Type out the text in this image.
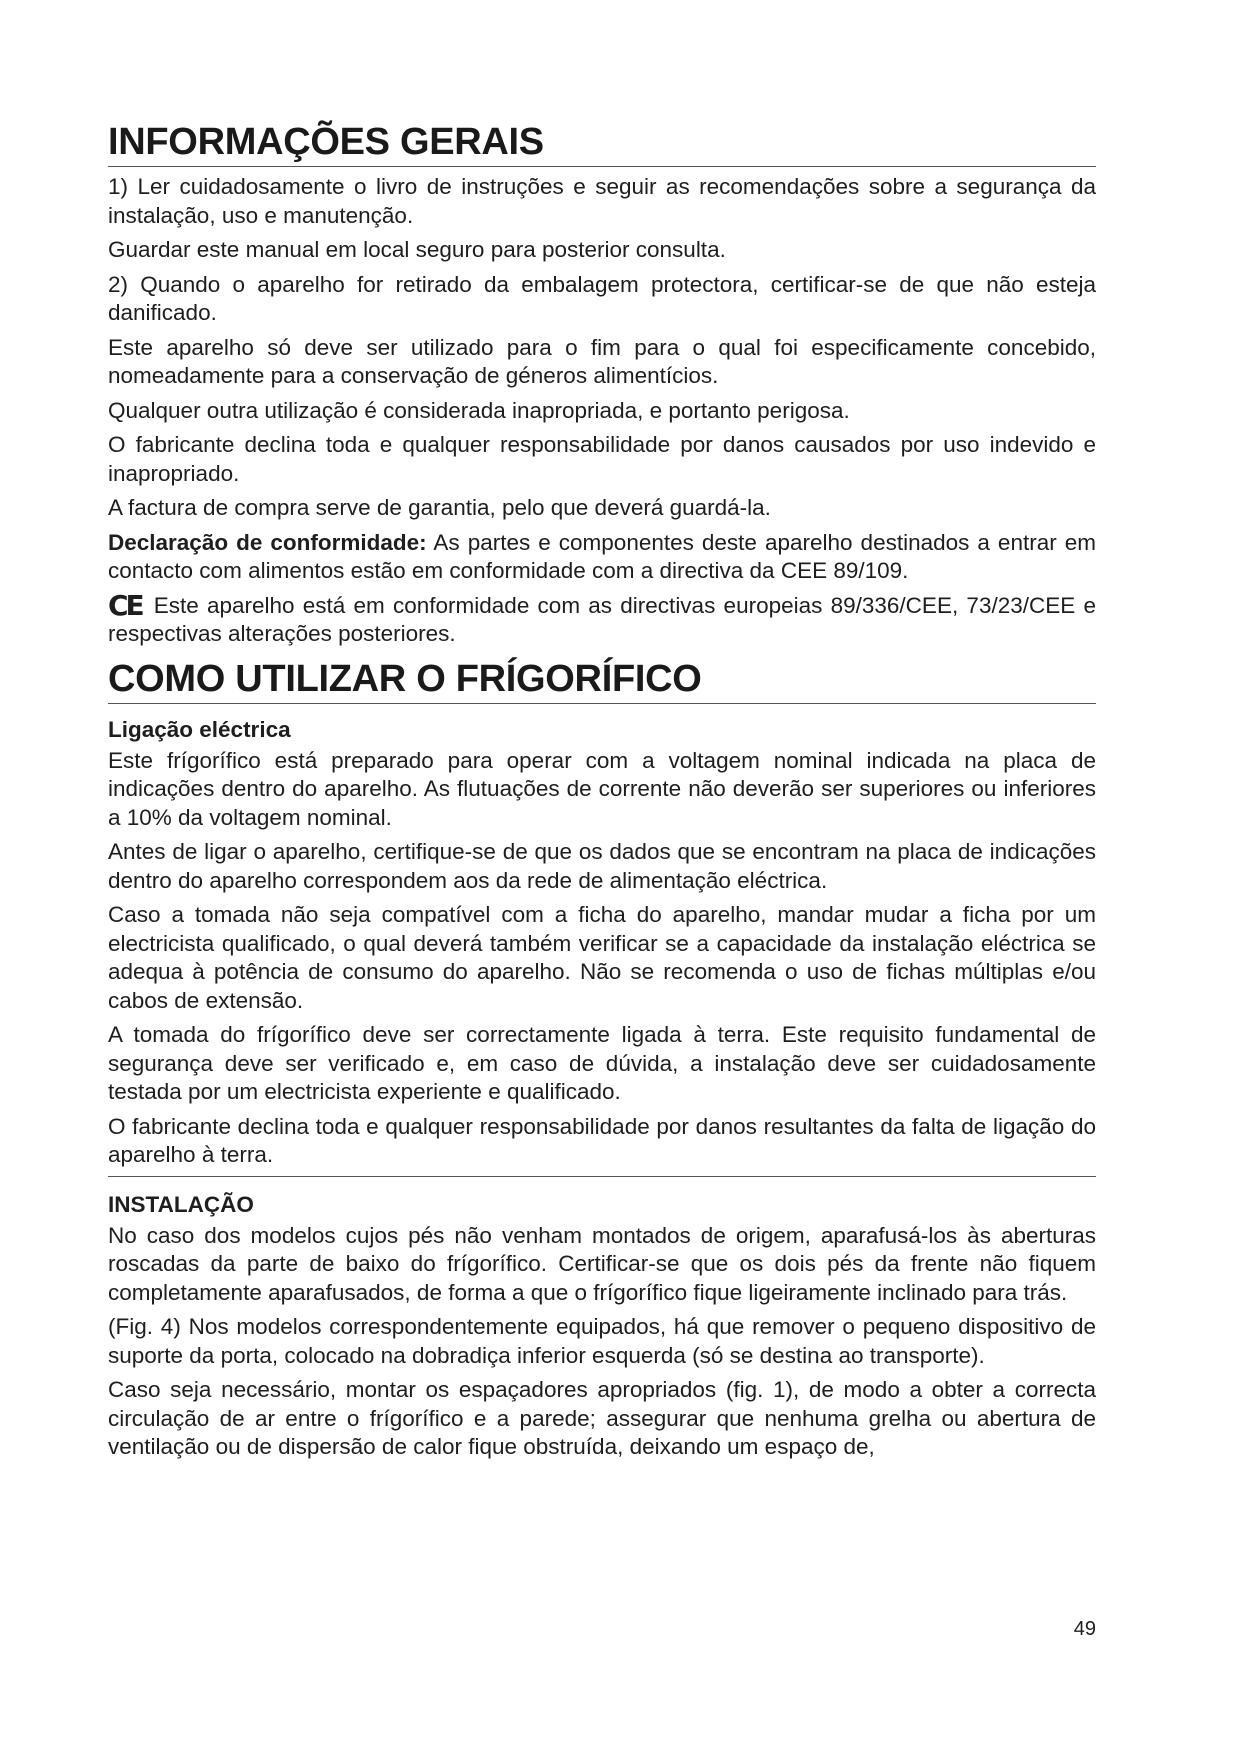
INFORMAÇÕES GERAIS

1) Ler cuidadosamente o livro de instruções e seguir as recomendações sobre a segurança da instalação, uso e manutenção.

Guardar este manual em local seguro para posterior consulta.

2) Quando o aparelho for retirado da embalagem protectora, certificar-se de que não esteja danificado.

Este aparelho só deve ser utilizado para o fim para o qual foi especificamente concebido, nomeadamente para a conservação de géneros alimentícios.

Qualquer outra utilização é considerada inapropriada, e portanto perigosa.

O fabricante declina toda e qualquer responsabilidade por danos causados por uso indevido e inapropriado.

A factura de compra serve de garantia, pelo que deverá guardá-la.

Declaração de conformidade: As partes e componentes deste aparelho destinados a entrar em contacto com alimentos estão em conformidade com a directiva da CEE 89/109.

CE Este aparelho está em conformidade com as directivas europeias 89/336/CEE, 73/23/CEE e respectivas alterações posteriores.

COMO UTILIZAR O FRÍGORÍFICO
Ligação eléctrica

Este frígorífico está preparado para operar com a voltagem nominal indicada na placa de indicações dentro do aparelho. As flutuações de corrente não deverão ser superiores ou inferiores a 10% da voltagem nominal.

Antes de ligar o aparelho, certifique-se de que os dados que se encontram na placa de indicações dentro do aparelho correspondem aos da rede de alimentação eléctrica.

Caso a tomada não seja compatível com a ficha do aparelho, mandar mudar a ficha por um electricista qualificado, o qual deverá também verificar se a capacidade da instalação eléctrica se adequa à potência de consumo do aparelho. Não se recomenda o uso de fichas múltiplas e/ou cabos de extensão.

A tomada do frígorífico deve ser correctamente ligada à terra. Este requisito fundamental de segurança deve ser verificado e, em caso de dúvida, a instalação deve ser cuidadosamente testada por um electricista experiente e qualificado.

O fabricante declina toda e qualquer responsabilidade por danos resultantes da falta de ligação do aparelho à terra.

INSTALAÇÃO

No caso dos modelos cujos pés não venham montados de origem, aparafusá-los às aberturas roscadas da parte de baixo do frígorífico. Certificar-se que os dois pés da frente não fiquem completamente aparafusados, de forma a que o frígorífico fique ligeiramente inclinado para trás.

(Fig. 4) Nos modelos correspondentemente equipados, há que remover o pequeno dispositivo de suporte da porta, colocado na dobradiça inferior esquerda (só se destina ao transporte).

Caso seja necessário, montar os espaçadores apropriados (fig. 1), de modo a obter a correcta circulação de ar entre o frígorífico e a parede; assegurar que nenhuma grelha ou abertura de ventilação ou de dispersão de calor fique obstruída, deixando um espaço de,

49
